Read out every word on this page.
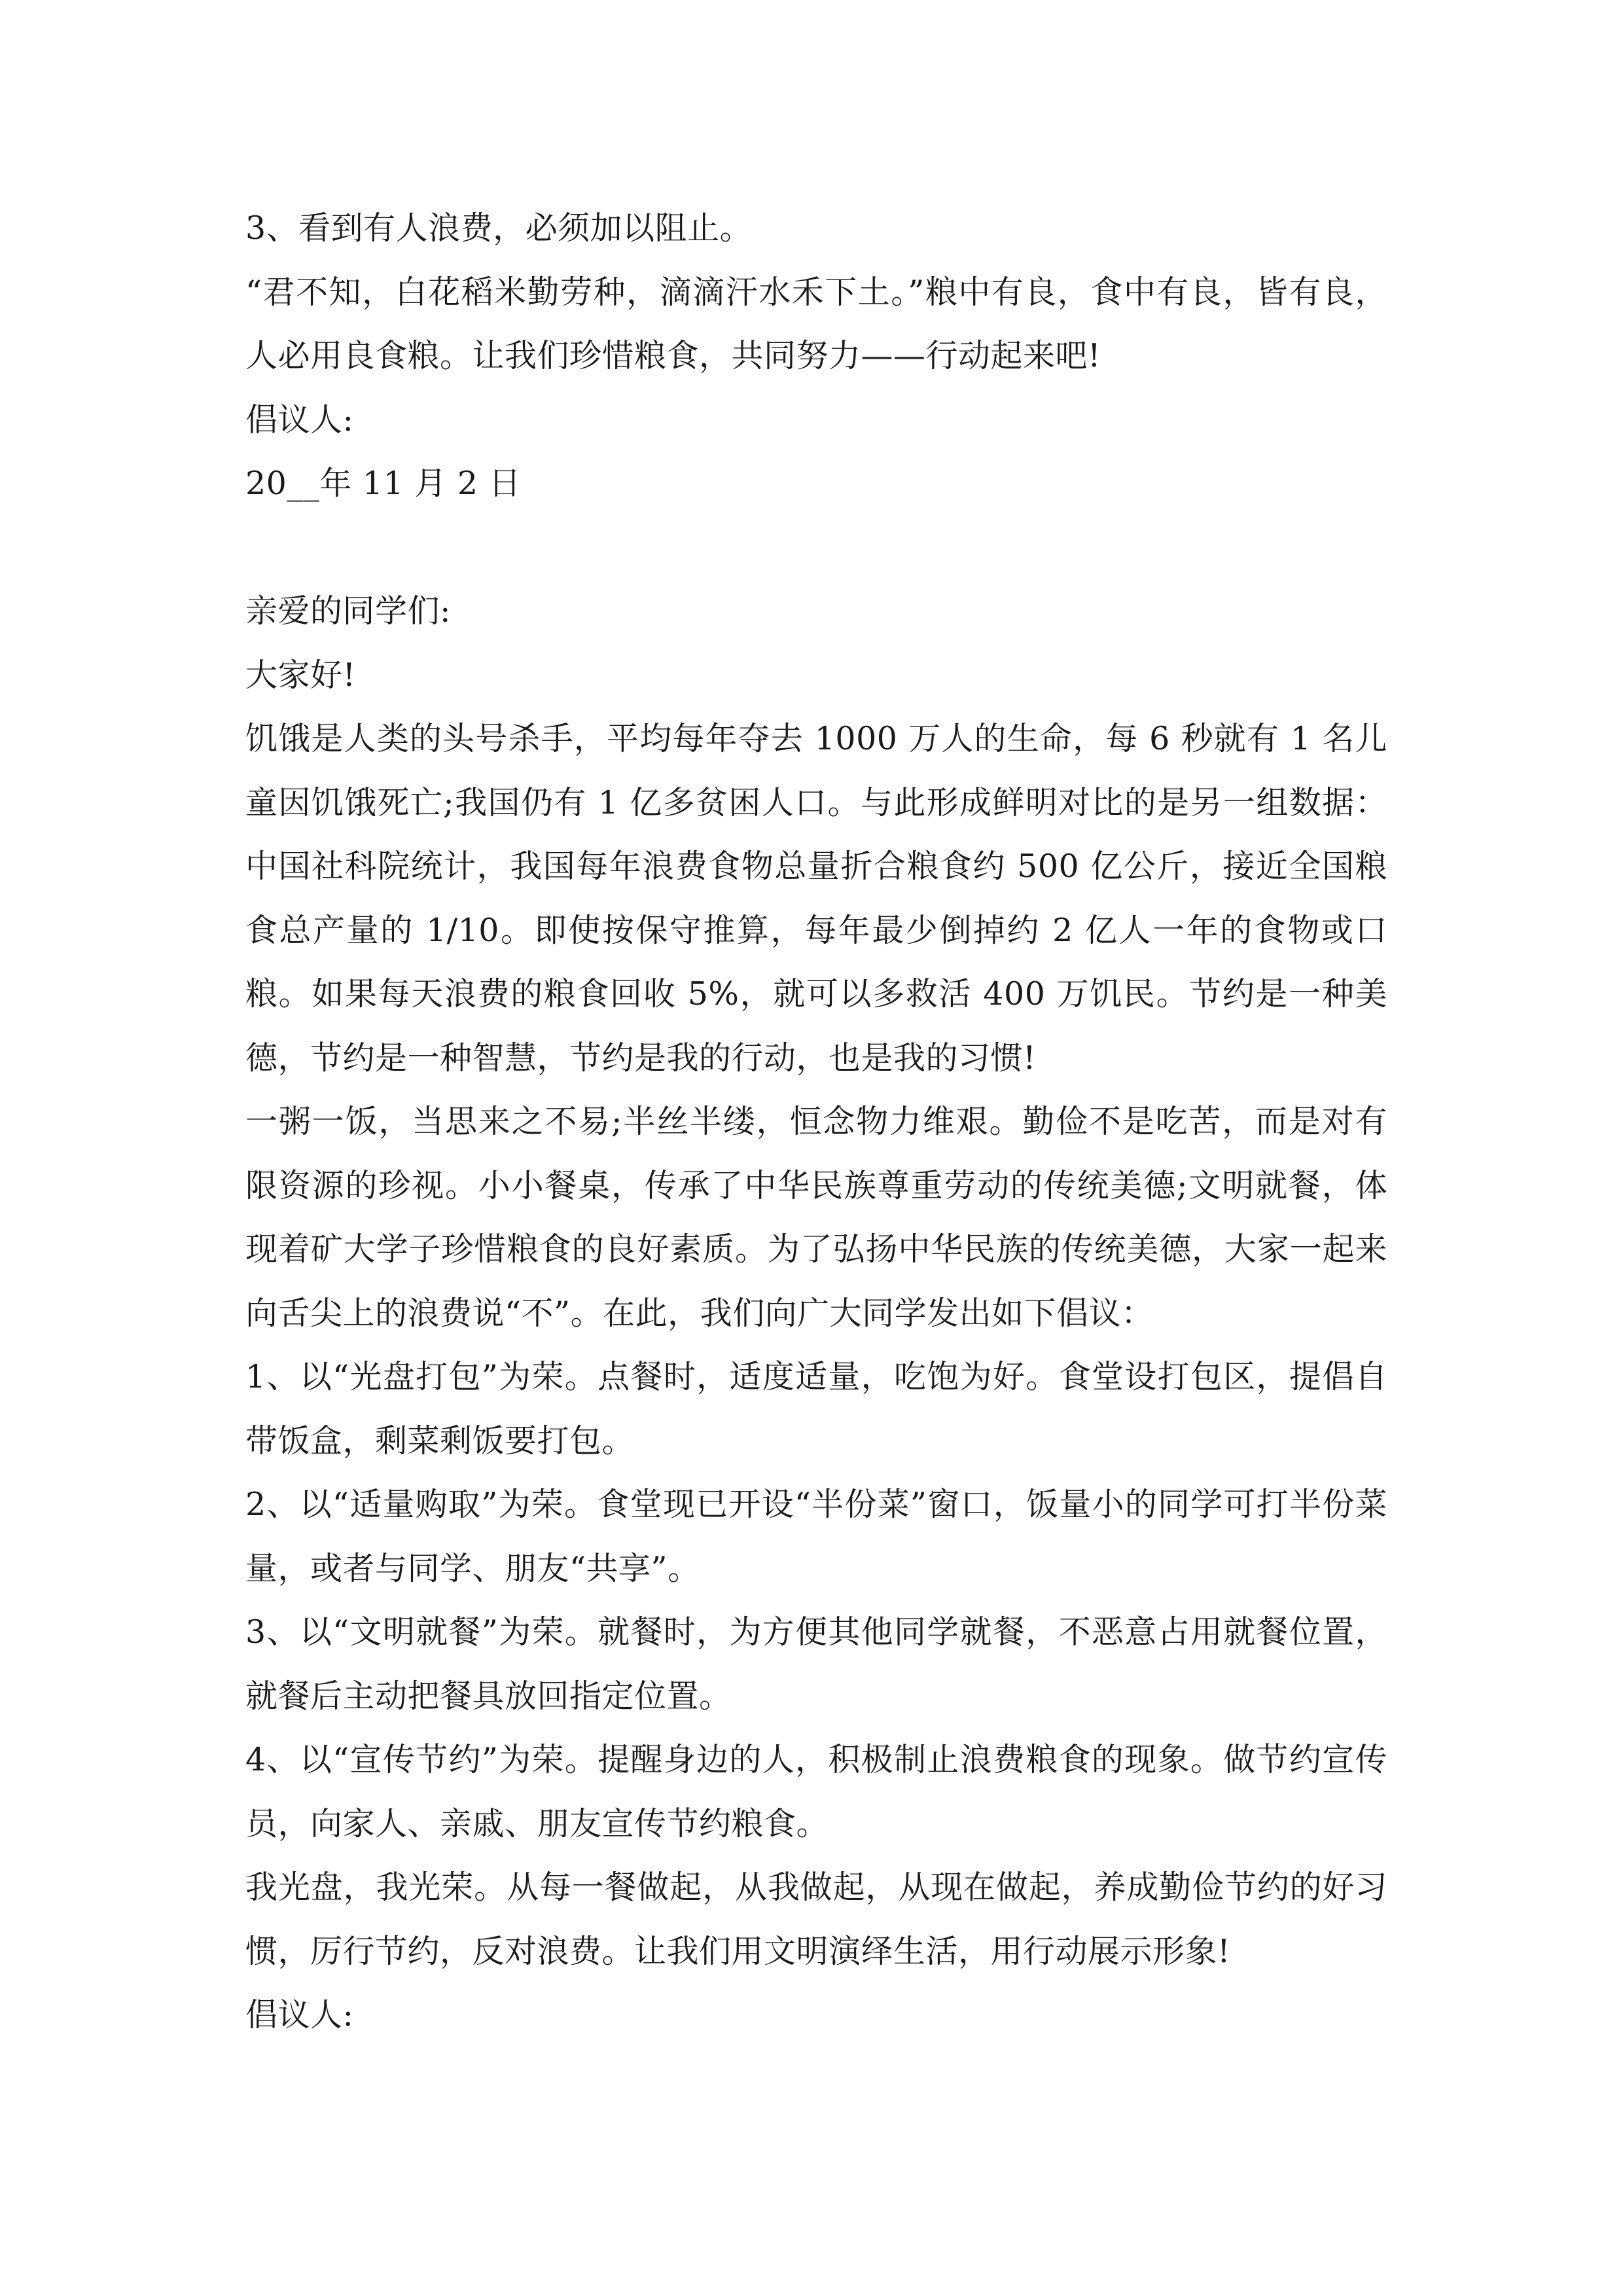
3、看到有人浪费，必须加以阻止。

“君不知，白花稻米勤劳种，滴滴汗水禾下土。”粮中有良，食中有良，皆有良，人必用良食粮。让我们珍惜粮食，共同努力——行动起来吧!

倡议人:

20__年 11 月 2 日

亲爱的同学们:

大家好!

饥饿是人类的头号杀手，平均每年夺去 1000 万人的生命，每 6 秒就有 1 名儿童因饥饿死亡;我国仍有 1 亿多贫困人口。与此形成鲜明对比的是另一组数据：中国社科院统计，我国每年浪费食物总量折合粮食约 500 亿公斤，接近全国粮食总产量的 1/10。即使按保守推算，每年最少倒掉约 2 亿人一年的食物或口粮。如果每天浪费的粮食回收 5%，就可以多救活 400 万饥民。节约是一种美德，节约是一种智慧，节约是我的行动，也是我的习惯!

一粥一饭，当思来之不易;半丝半缕，恒念物力维艰。勤俭不是吃苦，而是对有限资源的珍视。小小餐桌，传承了中华民族尊重劳动的传统美德;文明就餐，体现着矿大学子珍惜粮食的良好素质。为了弘扬中华民族的传统美德，大家一起来向舌尖上的浪费说“不”。在此，我们向广大同学发出如下倡议：

1、以“光盘打包”为荣。点餐时，适度适量，吃饱为好。食堂设打包区，提倡自带饭盒，剩菜剩饭要打包。

2、以“适量购取”为荣。食堂现已开设“半份菜”窗口，饭量小的同学可打半份菜量，或者与同学、朋友“共享”。

3、以“文明就餐”为荣。就餐时，为方便其他同学就餐，不恶意占用就餐位置，就餐后主动把餐具放回指定位置。

4、以“宣传节约”为荣。提醒身边的人，积极制止浪费粮食的现象。做节约宣传员，向家人、亲戚、朋友宣传节约粮食。

我光盘，我光荣。从每一餐做起，从我做起，从现在做起，养成勤俭节约的好习惯，厉行节约，反对浪费。让我们用文明演绎生活，用行动展示形象!

倡议人:
